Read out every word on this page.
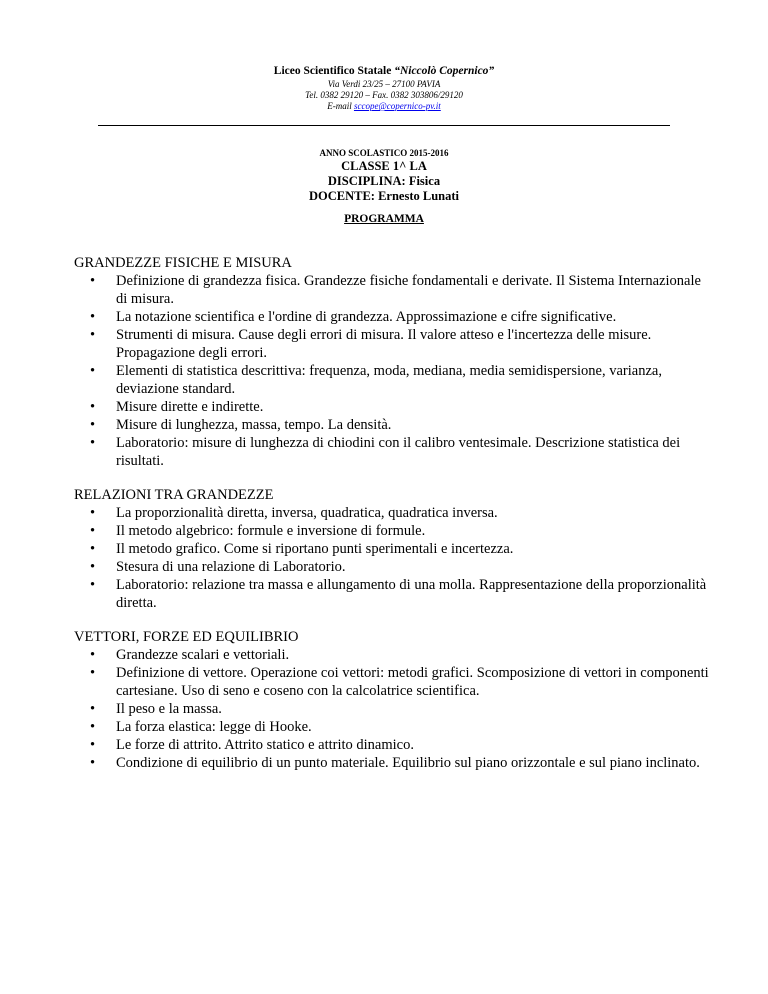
Liceo Scientifico Statale “Niccolò Copernico”
Via Verdi 23/25 – 27100 PAVIA
Tel. 0382 29120 – Fax. 0382 303806/29120
E-mail sccope@copernico-pv.it
ANNO SCOLASTICO 2015-2016
CLASSE 1^ LA
DISCIPLINA: Fisica
DOCENTE: Ernesto Lunati
PROGRAMMA
GRANDEZZE FISICHE E MISURA
• Definizione di grandezza fisica. Grandezze fisiche fondamentali e derivate. Il Sistema Internazionale di misura.
• La notazione scientifica e l'ordine di grandezza. Approssimazione e cifre significative.
• Strumenti di misura. Cause degli errori di misura. Il valore atteso e l'incertezza delle misure. Propagazione degli errori.
• Elementi di statistica descrittiva: frequenza, moda, mediana, media semidispersione, varianza, deviazione standard.
• Misure dirette e indirette.
• Misure di lunghezza, massa, tempo. La densità.
• Laboratorio: misure di lunghezza di chiodini con il calibro ventesimale. Descrizione statistica dei risultati.
RELAZIONI TRA GRANDEZZE
• La proporzionalità diretta, inversa, quadratica, quadratica inversa.
• Il metodo algebrico: formule e inversione di formule.
• Il metodo grafico. Come si riportano punti sperimentali e incertezza.
• Stesura di una relazione di Laboratorio.
• Laboratorio: relazione tra massa e allungamento di una molla. Rappresentazione della proporzionalità diretta.
VETTORI, FORZE ED EQUILIBRIO
• Grandezze scalari e vettoriali.
• Definizione di vettore. Operazione coi vettori: metodi grafici. Scomposizione di vettori in componenti cartesiane. Uso di seno e coseno con la calcolatrice scientifica.
• Il peso e la massa.
• La forza elastica: legge di Hooke.
• Le forze di attrito. Attrito statico e attrito dinamico.
• Condizione di equilibrio di un punto materiale. Equilibrio sul piano orizzontale e sul piano inclinato.
